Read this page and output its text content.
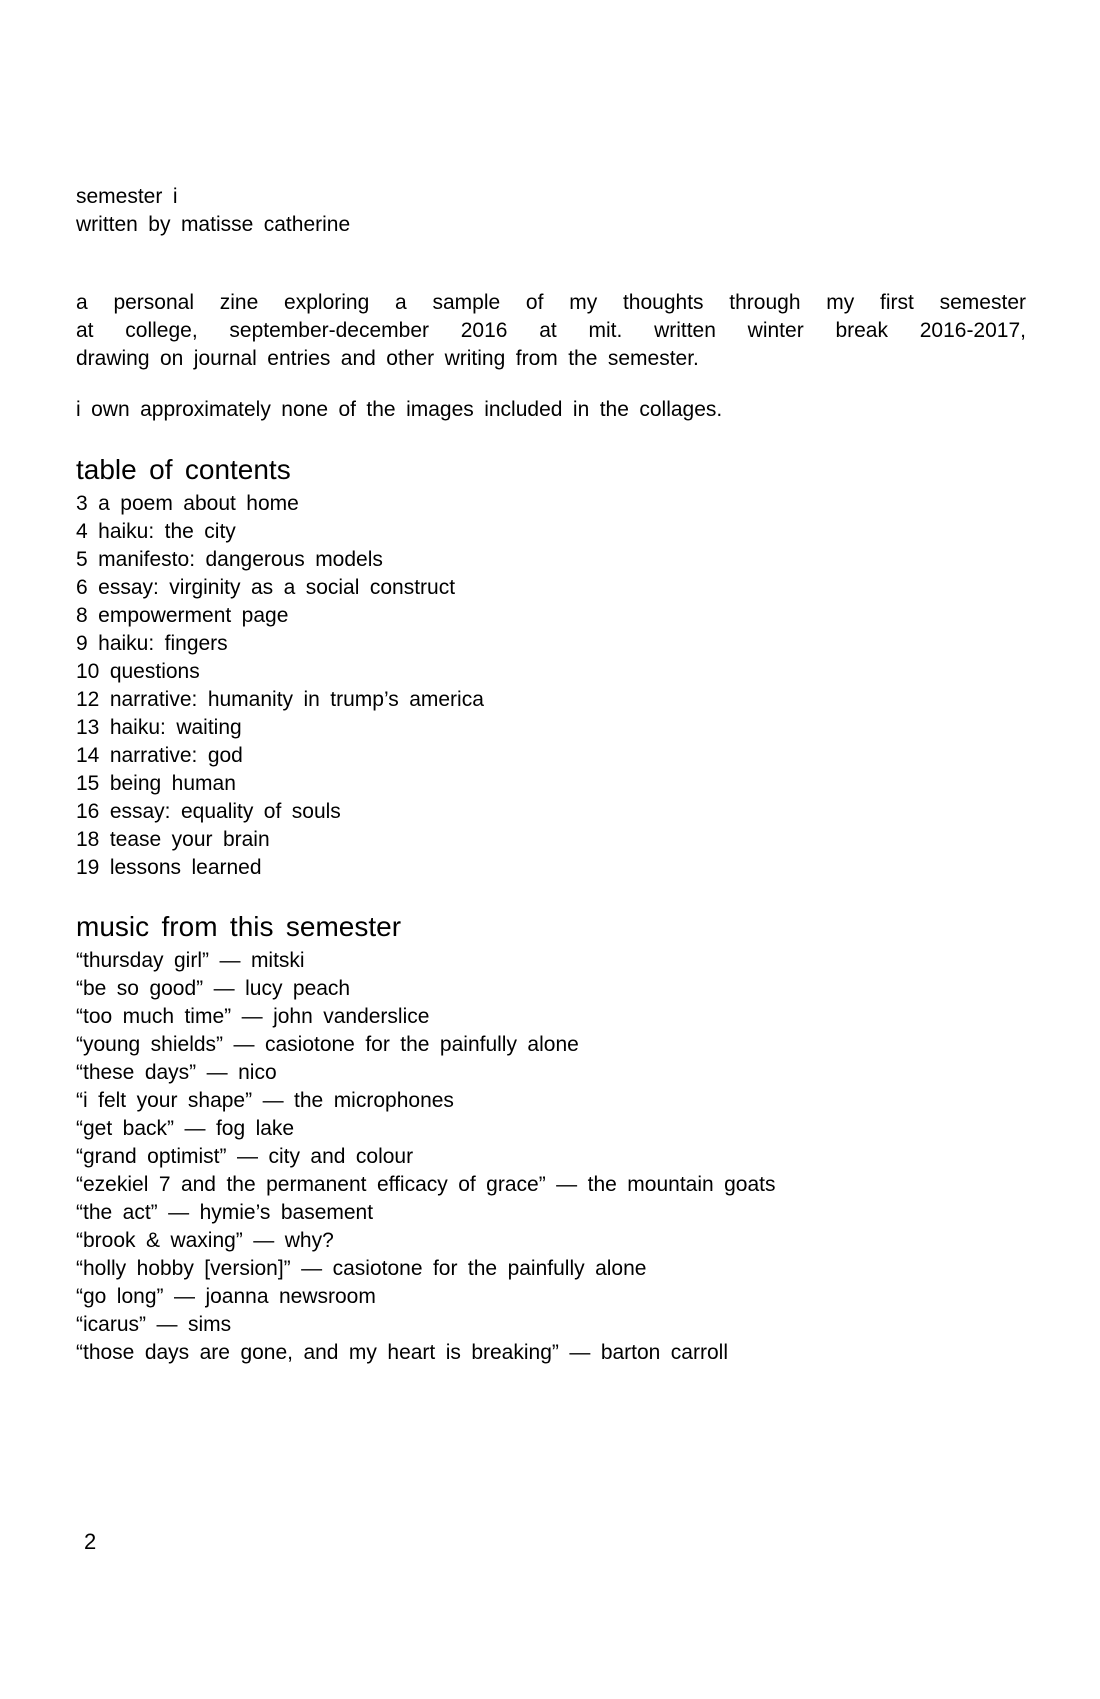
semester i
written by matisse catherine
a personal zine exploring a sample of my thoughts through my first semester
at college, september-december 2016 at mit. written winter break 2016-2017,
drawing on journal entries and other writing from the semester.
i own approximately none of the images included in the collages.
table of contents
3 a poem about home
4 haiku: the city
5 manifesto: dangerous models
6 essay: virginity as a social construct
8 empowerment page
9 haiku: fingers
10 questions
12 narrative: humanity in trump’s america
13 haiku: waiting
14 narrative: god
15 being human
16 essay: equality of souls
18 tease your brain
19 lessons learned
music from this semester
“thursday girl” — mitski
“be so good” — lucy peach
“too much time” — john vanderslice
“young shields” — casiotone for the painfully alone
“these days” — nico
“i felt your shape” — the microphones
“get back” — fog lake
“grand optimist” — city and colour
“ezekiel 7 and the permanent efficacy of grace” — the mountain goats
“the act” — hymie’s basement
“brook & waxing” — why?
“holly hobby [version]” — casiotone for the painfully alone
“go long” — joanna newsroom
“icarus” — sims
“those days are gone, and my heart is breaking” — barton carroll
2
